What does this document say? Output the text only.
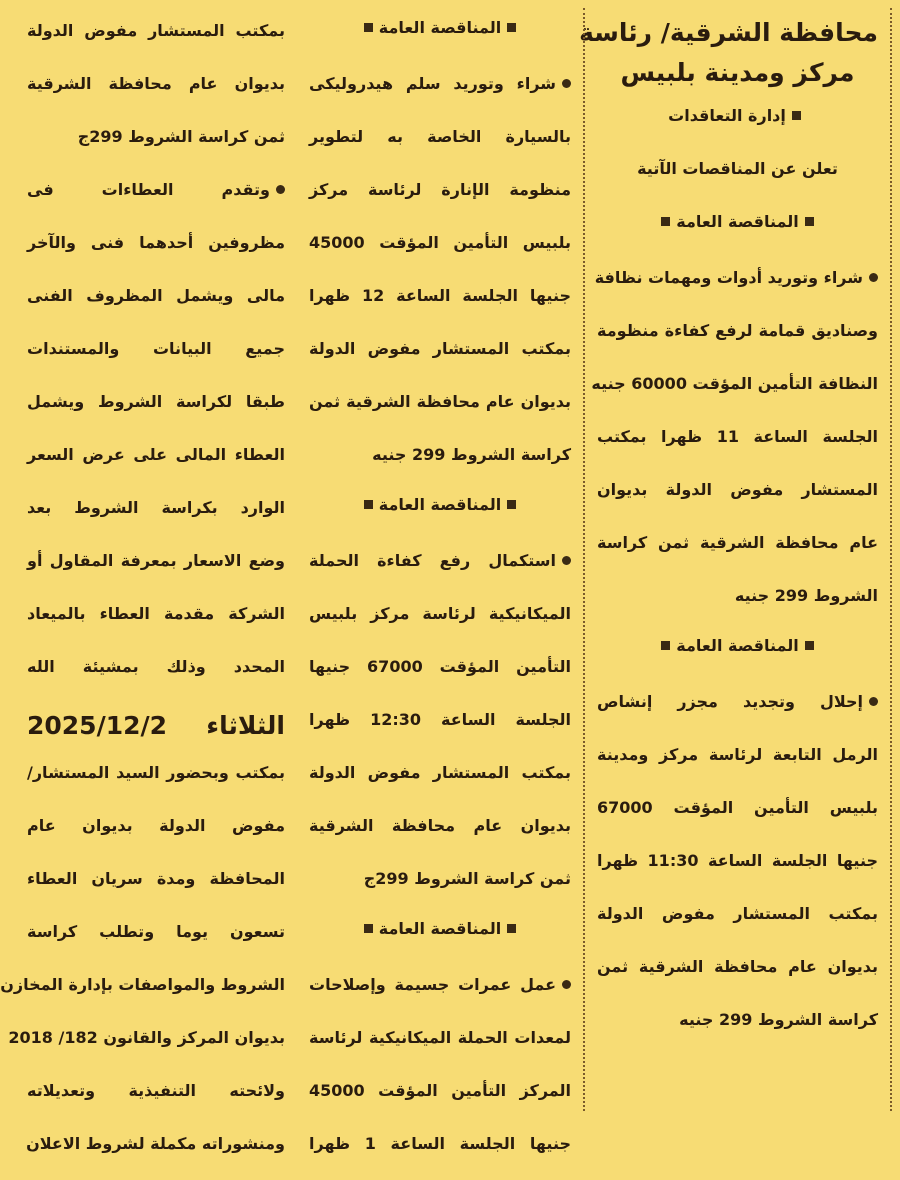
محافظة الشرقية/ رئاسة
مركز ومدينة بلبيس
إدارة التعاقدات
تعلن عن المناقصات الآتية
المناقصة العامة
شراء وتوريد أدوات ومهمات نظافة
وصناديق قمامة لرفع كفاءة منظومة
النظافة التأمين المؤقت 60000 جنيه
الجلسة الساعة 11 ظهرا بمكتب
المستشار مفوض الدولة بديوان
عام محافظة الشرقية ثمن كراسة
الشروط 299 جنيه
المناقصة العامة
إحلال وتجديد مجزر إنشاص
الرمل التابعة لرئاسة مركز ومدينة
بلبيس التأمين المؤقت 67000
جنيها الجلسة الساعة 11:30 ظهرا
بمكتب المستشار مفوض الدولة
بديوان عام محافظة الشرقية ثمن
كراسة الشروط 299 جنيه
المناقصة العامة
شراء وتوريد سلم هيدروليكى
بالسيارة الخاصة به لتطوير
منظومة الإنارة لرئاسة مركز
بلبيس التأمين المؤقت 45000
جنيها الجلسة الساعة 12 ظهرا
بمكتب المستشار مفوض الدولة
بديوان عام محافظة الشرقية ثمن
كراسة الشروط 299 جنيه
المناقصة العامة
استكمال رفع كفاءة الحملة
الميكانيكية لرئاسة مركز بلبيس
التأمين المؤقت 67000 جنيها
الجلسة الساعة 12:30 ظهرا
بمكتب المستشار مفوض الدولة
بديوان عام محافظة الشرقية
ثمن كراسة الشروط 299ج
المناقصة العامة
عمل عمرات جسيمة وإصلاحات
لمعدات الحملة الميكانيكية لرئاسة
المركز التأمين المؤقت 45000
جنيها الجلسة الساعة 1 ظهرا
بمكتب المستشار مفوض الدولة
بديوان عام محافظة الشرقية
ثمن كراسة الشروط 299ج
وتقدم العطاءات فى
مظروفين أحدهما فنى والآخر
مالى ويشمل المظروف الفنى
جميع البيانات والمستندات
طبقا لكراسة الشروط ويشمل
العطاء المالى على عرض السعر
الوارد بكراسة الشروط بعد
وضع الاسعار بمعرفة المقاول أو
الشركة مقدمة العطاء بالميعاد
المحدد وذلك بمشيئة الله
الثلاثاء 2025/12/2
بمكتب وبحضور السيد المستشار/
مفوض الدولة بديوان عام
المحافظة ومدة سريان العطاء
تسعون يوما وتطلب كراسة
الشروط والمواصفات بإدارة المخازن
بديوان المركز والقانون 182/ 2018
ولائحته التنفيذية وتعديلاته
ومنشوراته مكملة لشروط الاعلان
